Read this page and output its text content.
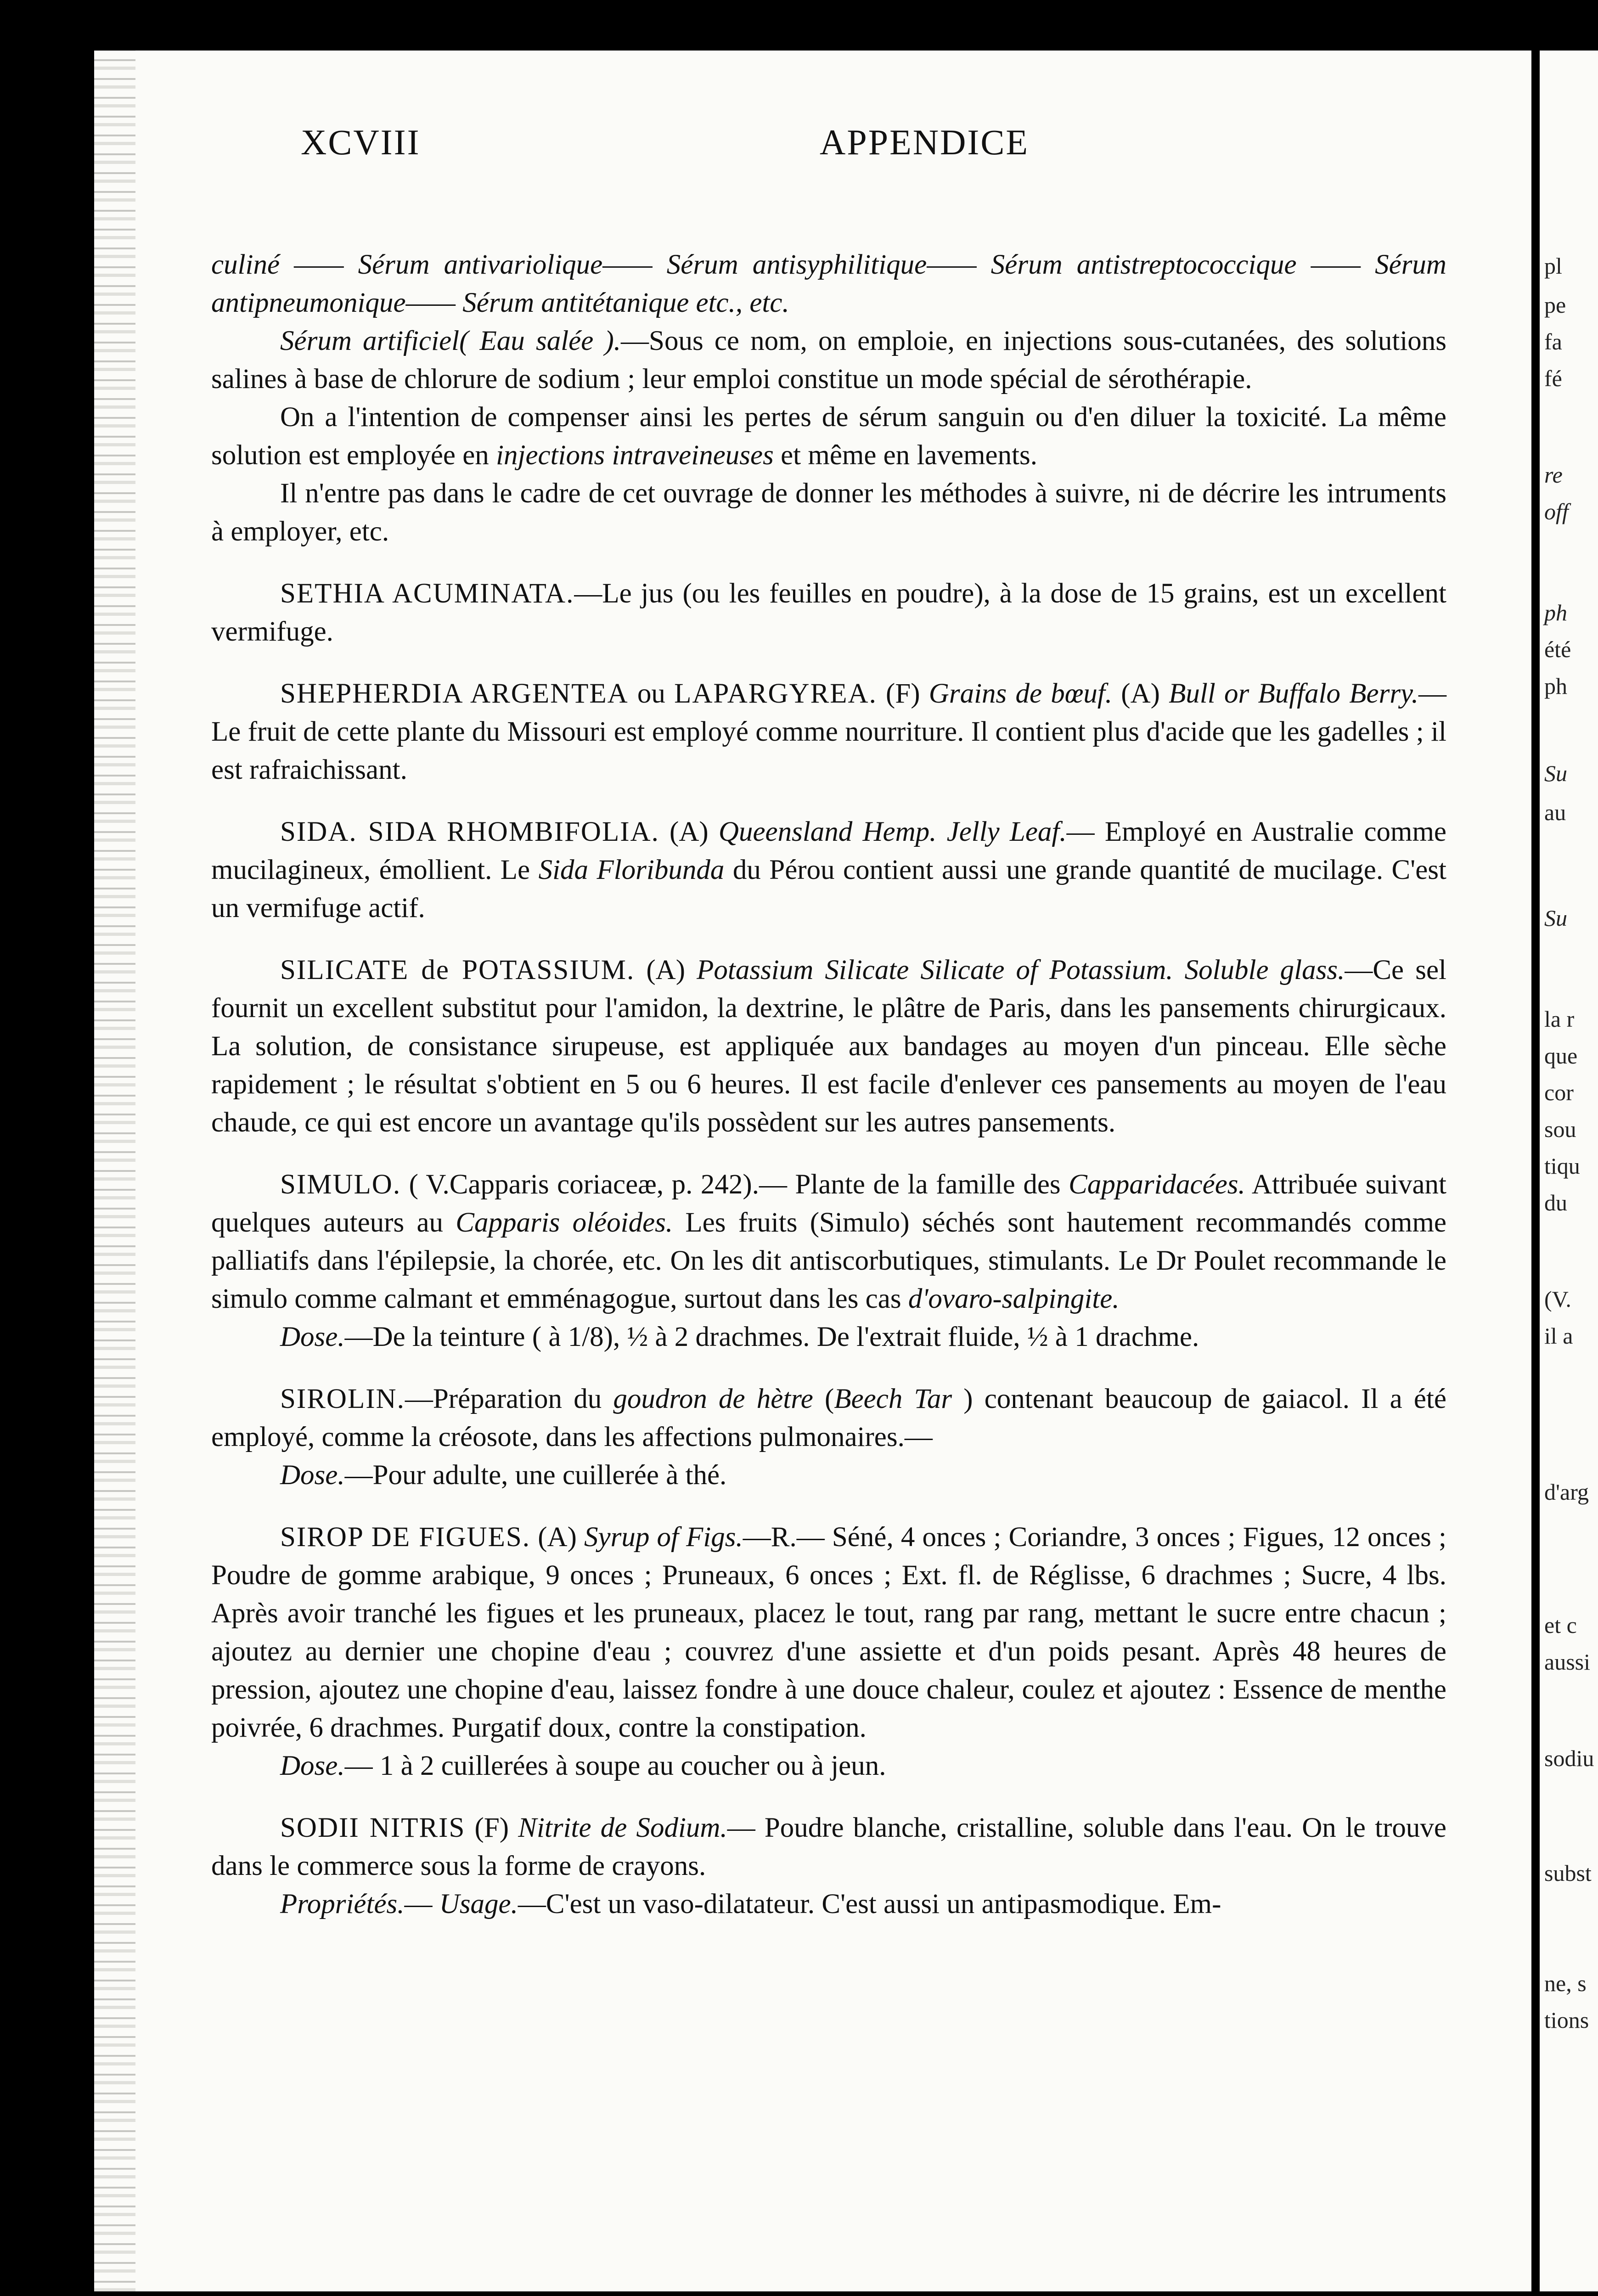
XCVIII	APPENDICE

culiné —— Sérum antivariolique—— Sérum antisyphilitique—— Sérum antistreptococcique —— Sérum antipneumonique—— Sérum antitétanique etc., etc.

Sérum artificiel( Eau salée ).—Sous ce nom, on emploie, en injections sous-cutanées, des solutions salines à base de chlorure de sodium ; leur emploi constitue un mode spécial de sérothérapie.

On a l'intention de compenser ainsi les pertes de sérum sanguin ou d'en diluer la toxicité. La même solution est employée en injections intraveineuses et même en lavements.

Il n'entre pas dans le cadre de cet ouvrage de donner les méthodes à suivre, ni de décrire les intruments à employer, etc.

SETHIA ACUMINATA.—Le jus (ou les feuilles en poudre), à la dose de 15 grains, est un excellent vermifuge.

SHEPHERDIA ARGENTEA ou LAPARGYREA. (F) Grains de bœuf. (A) Bull or Buffalo Berry.—Le fruit de cette plante du Missouri est employé comme nourriture. Il contient plus d'acide que les gadelles ; il est rafraichissant.

SIDA. SIDA RHOMBIFOLIA. (A) Queensland Hemp. Jelly Leaf.— Employé en Australie comme mucilagineux, émollient. Le Sida Floribunda du Pérou contient aussi une grande quantité de mucilage. C'est un vermifuge actif.

SILICATE de POTASSIUM. (A) Potassium Silicate Silicate of Potassium. Soluble glass.—Ce sel fournit un excellent substitut pour l'amidon, la dextrine, le plâtre de Paris, dans les pansements chirurgicaux. La solution, de consistance sirupeuse, est appliquée aux bandages au moyen d'un pinceau. Elle sèche rapidement ; le résultat s'obtient en 5 ou 6 heures. Il est facile d'enlever ces pansements au moyen de l'eau chaude, ce qui est encore un avantage qu'ils possèdent sur les autres pansements.

SIMULO. ( V.Capparis coriaceæ, p. 242).— Plante de la famille des Capparidacées. Attribuée suivant quelques auteurs au Capparis oléoides. Les fruits (Simulo) séchés sont hautement recommandés comme palliatifs dans l'épilepsie, la chorée, etc. On les dit antiscorbutiques, stimulants. Le Dr Poulet recommande le simulo comme calmant et emménagogue, surtout dans les cas d'ovaro-salpingite.

Dose.—De la teinture ( à 1/8), ½ à 2 drachmes. De l'extrait fluide, ½ à 1 drachme.

SIROLIN.—Préparation du goudron de hètre (Beech Tar ) contenant beaucoup de gaiacol. Il a été employé, comme la créosote, dans les affections pulmonaires.—

Dose.—Pour adulte, une cuillerée à thé.

SIROP DE FIGUES. (A) Syrup of Figs.—R.— Séné, 4 onces ; Coriandre, 3 onces ; Figues, 12 onces ; Poudre de gomme arabique, 9 onces ; Pruneaux, 6 onces ; Ext. fl. de Réglisse, 6 drachmes ; Sucre, 4 lbs. Après avoir tranché les figues et les pruneaux, placez le tout, rang par rang, mettant le sucre entre chacun ; ajoutez au dernier une chopine d'eau ; couvrez d'une assiette et d'un poids pesant. Après 48 heures de pression, ajoutez une chopine d'eau, laissez fondre à une douce chaleur, coulez et ajoutez : Essence de menthe poivrée, 6 drachmes. Purgatif doux, contre la constipation.

Dose.— 1 à 2 cuillerées à soupe au coucher ou à jeun.

SODII NITRIS (F) Nitrite de Sodium.— Poudre blanche, cristalline, soluble dans l'eau. On le trouve dans le commerce sous la forme de crayons.

Propriétés.— Usage.—C'est un vaso-dilatateur. C'est aussi un antipasmodique. Em-

pl
pe
fa
fé
re
off
ph
été
ph
Su
au
Su
la r
que
cor
sou
tiqu
du
(V.
il a
d'arg
et c
aussi
sodiu
subst
ne, s
tions
